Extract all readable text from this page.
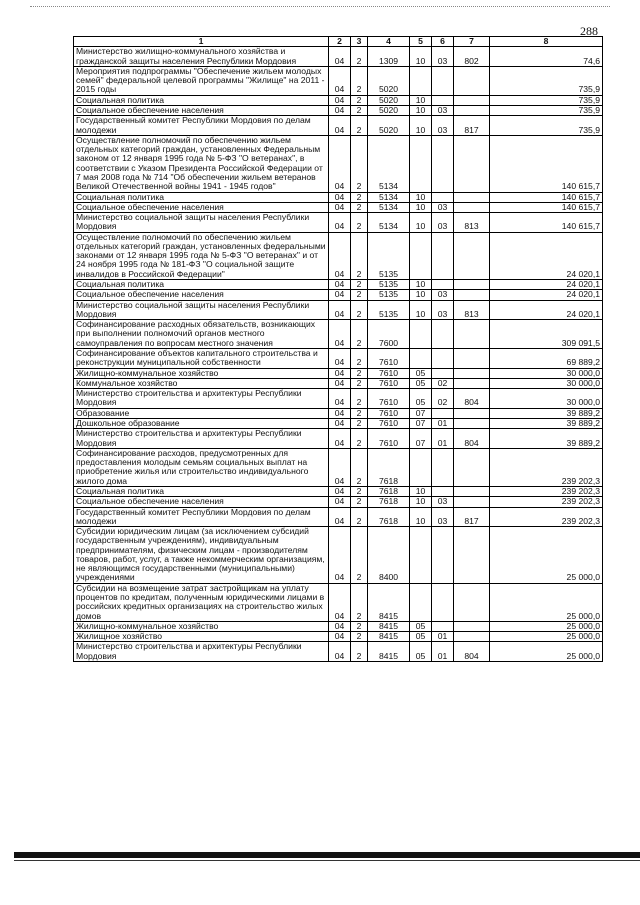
288
1	2	3	4	5	6	7	8
Министерство жилищно-коммунального хозяйства и гражданской защиты населения Республики Мордовия	04	2	1309	10	03	802	74,6
Мероприятия подпрограммы "Обеспечение жильем молодых семей" федеральной целевой программы "Жилище" на 2011 - 2015 годы	04	2	5020				735,9
Социальная политика	04	2	5020	10			735,9
Социальное обеспечение населения	04	2	5020	10	03		735,9
Государственный комитет Республики Мордовия по делам молодежи	04	2	5020	10	03	817	735,9
Осуществление полномочий по обеспечению жильем отдельных категорий граждан, установленных Федеральным законом от 12 января 1995 года № 5-ФЗ "О ветеранах", в соответствии с Указом Президента Российской Федерации от 7 мая 2008 года № 714 "Об обеспечении жильем ветеранов Великой Отечественной войны 1941 - 1945 годов"	04	2	5134				140 615,7
Социальная политика	04	2	5134	10			140 615,7
Социальное обеспечение населения	04	2	5134	10	03		140 615,7
Министерство социальной защиты населения Республики Мордовия	04	2	5134	10	03	813	140 615,7
Осуществление полномочий по обеспечению жильем отдельных категорий граждан, установленных федеральными законами от 12 января 1995 года № 5-ФЗ "О ветеранах" и от 24 ноября 1995 года № 181-ФЗ "О социальной защите инвалидов в Российской Федерации"	04	2	5135				24 020,1
Социальная политика	04	2	5135	10			24 020,1
Социальное обеспечение населения	04	2	5135	10	03		24 020,1
Министерство социальной защиты населения Республики Мордовия	04	2	5135	10	03	813	24 020,1
Софинансирование расходных обязательств, возникающих при выполнении полномочий органов местного самоуправления по вопросам местного значения	04	2	7600				309 091,5
Софинансирование объектов капитального строительства и реконструкции муниципальной собственности	04	2	7610				69 889,2
Жилищно-коммунальное хозяйство	04	2	7610	05			30 000,0
Коммунальное хозяйство	04	2	7610	05	02		30 000,0
Министерство строительства и архитектуры Республики Мордовия	04	2	7610	05	02	804	30 000,0
Образование	04	2	7610	07			39 889,2
Дошкольное образование	04	2	7610	07	01		39 889,2
Министерство строительства и архитектуры Республики Мордовия	04	2	7610	07	01	804	39 889,2
Софинансирование расходов, предусмотренных для предоставления молодым семьям социальных выплат на приобретение жилья или строительство индивидуального жилого дома	04	2	7618				239 202,3
Социальная политика	04	2	7618	10			239 202,3
Социальное обеспечение населения	04	2	7618	10	03		239 202,3
Государственный комитет Республики Мордовия по делам молодежи	04	2	7618	10	03	817	239 202,3
Субсидии юридическим лицам (за исключением субсидий государственным учреждениям), индивидуальным предпринимателям, физическим лицам - производителям товаров, работ, услуг, а также некоммерческим организациям, не являющимся государственными (муниципальными) учреждениями	04	2	8400				25 000,0
Субсидии на возмещение затрат застройщикам на уплату процентов по кредитам, полученным юридическими лицами в российских кредитных организациях на строительство жилых домов	04	2	8415				25 000,0
Жилищно-коммунальное хозяйство	04	2	8415	05			25 000,0
Жилищное хозяйство	04	2	8415	05	01		25 000,0
Министерство строительства и архитектуры Республики Мордовия	04	2	8415	05	01	804	25 000,0
